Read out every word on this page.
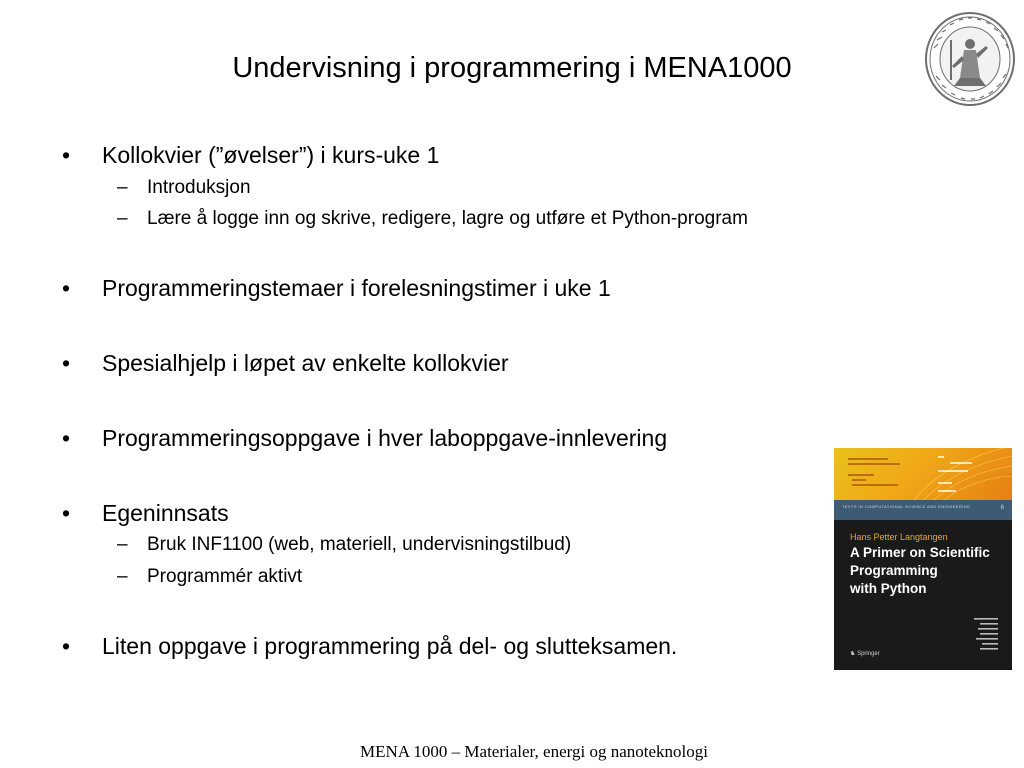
Undervisning i programmering i MENA1000
• Kollokvier (”øvelser”) i kurs-uke 1
– Introduksjon
– Lære å logge inn og skrive, redigere, lagre og utføre et Python-program
• Programmeringstemaer i forelesningstimer i uke 1
• Spesialhjelp i løpet av enkelte kollokvier
• Programmeringsoppgave i hver laboppgave-innlevering
• Egeninnsats
– Bruk INF1100 (web, materiell, undervisningstilbud)
– Programmér aktivt
• Liten oppgave i programmering på del- og slutteksamen.
TEXTS IN COMPUTATIONAL SCIENCE AND ENGINEERING	6
Hans Petter Langtangen
A Primer on Scientific
Programming
with Python
♞ Springer
MENA 1000 – Materialer, energi og nanoteknologi
